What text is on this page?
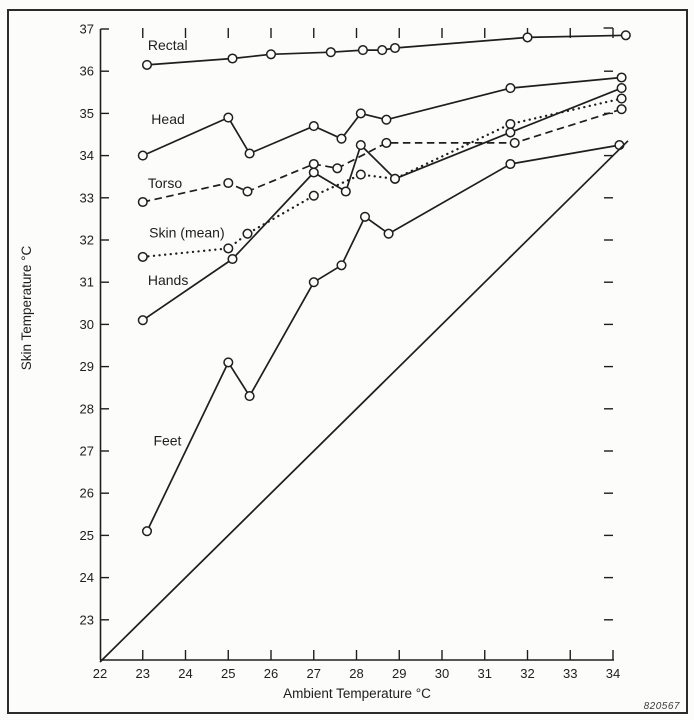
23
24
25
26
27
28
29
30
31
32
33
34
35
36
37
22 23 24 25 26 27 28 29 30 31 32 33 34
Ambient Temperature °C
Skin Temperature °C
Rectal
Head
Torso
Skin (mean)
Hands
Feet
820567
